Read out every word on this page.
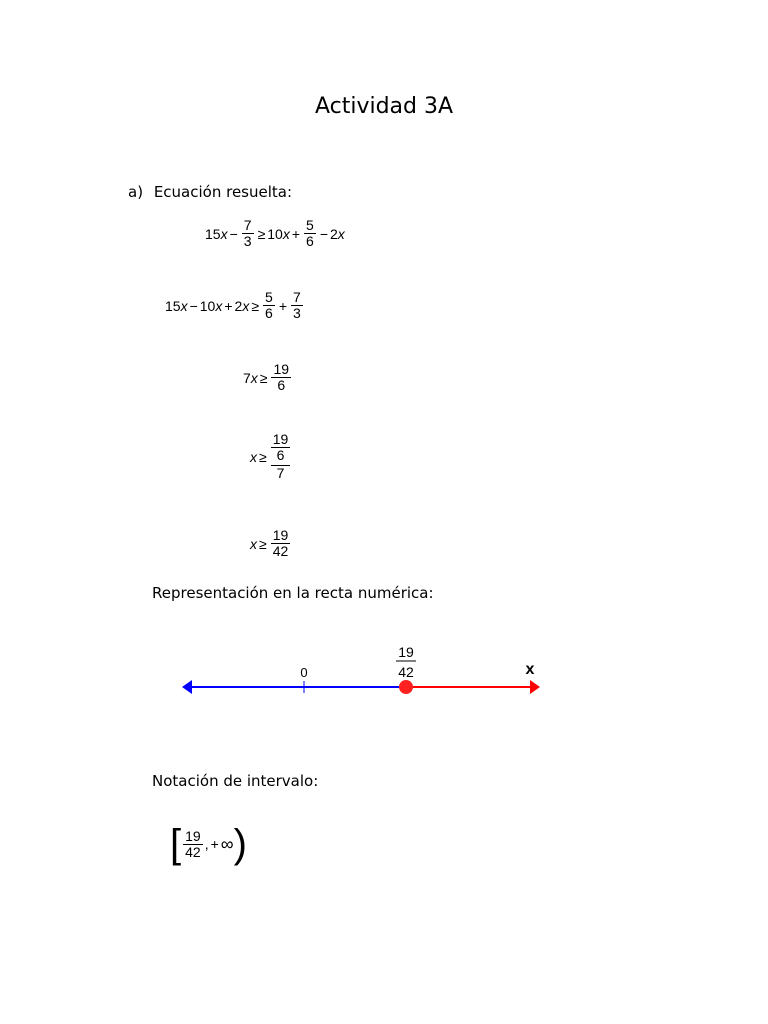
Actividad 3A
a) Ecuación resuelta:
15 $x - \frac{7}{3} \ge 10$ $x + \frac{5}{6} - 2$ x
15 x − 10 x + 2 $x \ge \frac{5}{6} + \frac{7}{3}$
7 $x \ge \frac{19}{6}$
$x \ge \frac{\frac{19}{6}}{7}$
$x \ge \frac{19}{42}$
Representación en la recta numérica:
0
19
42	x
Notación de intervalo:
[ $\frac{19}{42}$ , + ∞ )
